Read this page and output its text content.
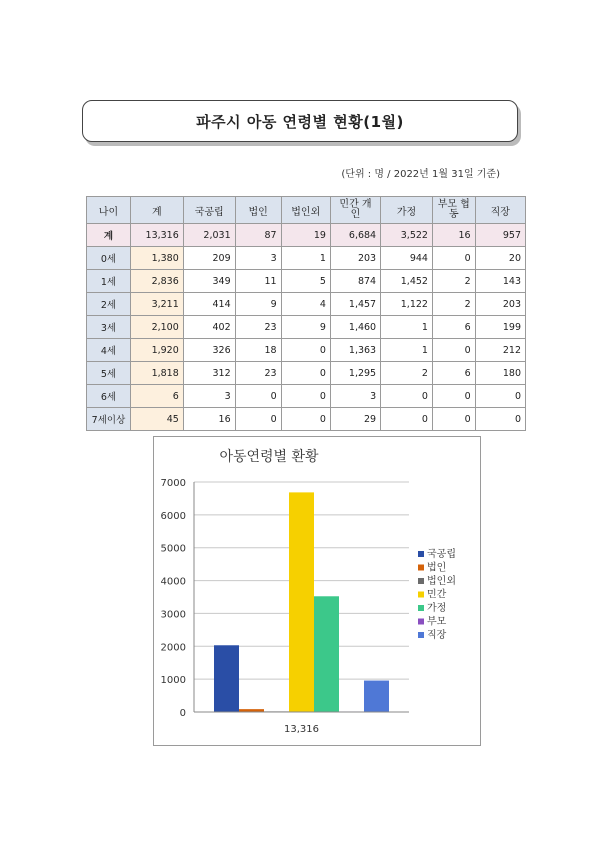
파주시 아동 연령별 현황(1월)
(단위 : 명 / 2022년 1월 31일 기준)
나이	계	국공립	법인	법인외	민간 개인	가정	부모 협동	직장
계	13,316	2,031	87	19	6,684	3,522	16	957
0세	1,380	209	3	1	203	944	0	20
1세	2,836	349	11	5	874	1,452	2	143
2세	3,211	414	9	4	1,457	1,122	2	203
3세	2,100	402	23	9	1,460	1	6	199
4세	1,920	326	18	0	1,363	1	0	212
5세	1,818	312	23	0	1,295	2	6	180
6세	6	3	0	0	3	0	0	0
7세이상	45	16	0	0	29	0	0	0
아동연령별 환황
0
1000
2000
3000
4000
5000
6000
7000
13,316
국공립
법인
법인외
민간
가정
부모
직장
